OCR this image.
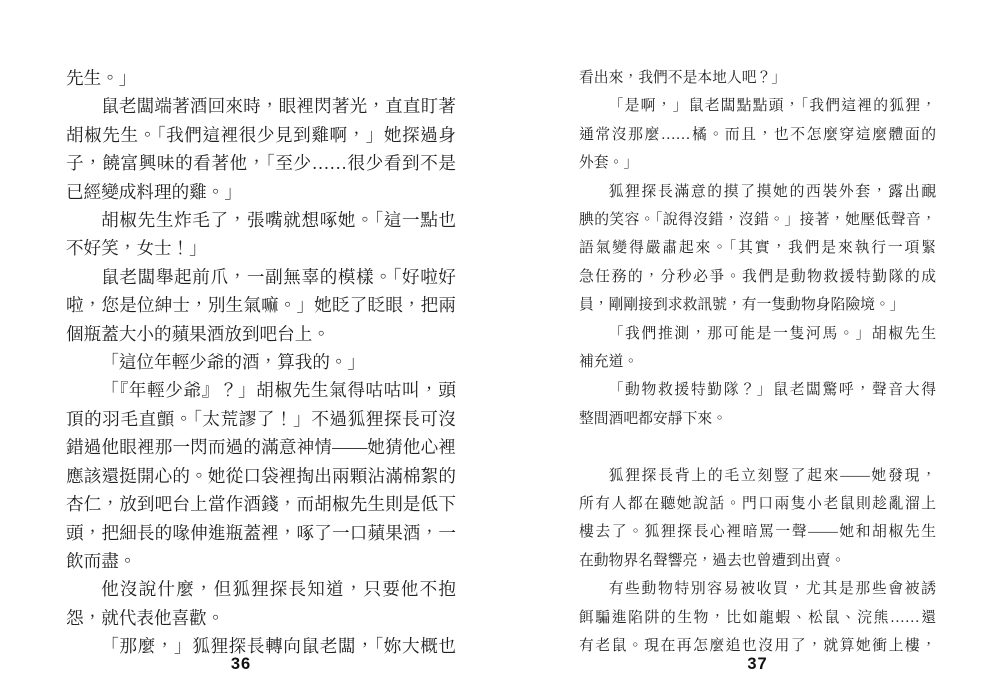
先生。」
鼠老闆端著酒回來時，眼裡閃著光，直直盯著
胡椒先生。「我們這裡很少見到雞啊，」她探過身
子，饒富興味的看著他，「至少……很少看到不是
已經變成料理的雞。」
胡椒先生炸毛了，張嘴就想啄她。「這一點也
不好笑，女士！」
鼠老闆舉起前爪，一副無辜的模樣。「好啦好
啦，您是位紳士，別生氣嘛。」她眨了眨眼，把兩
個瓶蓋大小的蘋果酒放到吧台上。
「這位年輕少爺的酒，算我的。」
「『年輕少爺』？」胡椒先生氣得咕咕叫，頭
頂的羽毛直顫。「太荒謬了！」不過狐狸探長可沒
錯過他眼裡那一閃而過的滿意神情——她猜他心裡
應該還挺開心的。她從口袋裡掏出兩顆沾滿棉絮的
杏仁，放到吧台上當作酒錢，而胡椒先生則是低下
頭，把細長的喙伸進瓶蓋裡，啄了一口蘋果酒，一
飲而盡。
他沒說什麼，但狐狸探長知道，只要他不抱
怨，就代表他喜歡。
「那麼，」狐狸探長轉向鼠老闆，「妳大概也
看出來，我們不是本地人吧？」
「是啊，」鼠老闆點點頭，「我們這裡的狐狸，
通常沒那麼……橘。而且，也不怎麼穿這麼體面的
外套。」
狐狸探長滿意的摸了摸她的西裝外套，露出靦
腆的笑容。「說得沒錯，沒錯。」接著，她壓低聲音，
語氣變得嚴肅起來。「其實，我們是來執行一項緊
急任務的，分秒必爭。我們是動物救援特勤隊的成
員，剛剛接到求救訊號，有一隻動物身陷險境。」
「我們推測，那可能是一隻河馬。」胡椒先生
補充道。
「動物救援特勤隊？」鼠老闆驚呼，聲音大得
整間酒吧都安靜下來。
狐狸探長背上的毛立刻豎了起來——她發現，
所有人都在聽她說話。門口兩隻小老鼠則趁亂溜上
樓去了。狐狸探長心裡暗罵一聲——她和胡椒先生
在動物界名聲響亮，過去也曾遭到出賣。
有些動物特別容易被收買，尤其是那些會被誘
餌騙進陷阱的生物，比如龍蝦、松鼠、浣熊……還
有老鼠。現在再怎麼追也沒用了，就算她衝上樓，
36	37
